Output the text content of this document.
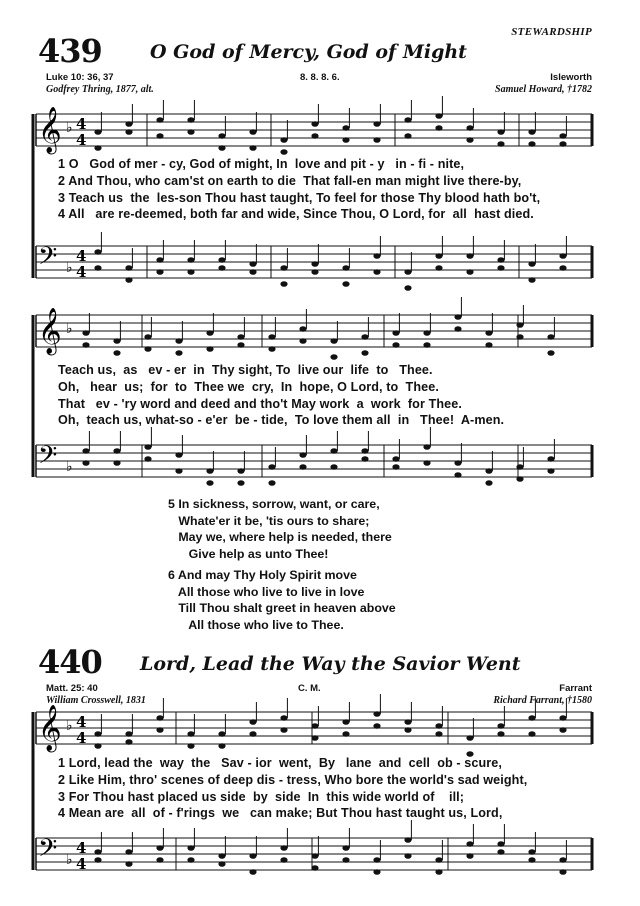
STEWARDSHIP
439	O God of Mercy, God of Might
Luke 10: 36, 37
Godfrey Thring, 1877, alt.
8. 8. 8. 6.	Isleworth
Samuel Howard, †1782
𝄞 ♭ 4
4
𝄢 ♭
4
4
𝄞 ♭
𝄢 ♭
𝄞 ♭ 4
4
𝄢 ♭
4
4
1 O   God of mer - cy, God of might, In  love and pit - y   in - fi - nite,
2 And Thou, who cam'st on earth to die  That fall-en man might live there-by,
3 Teach us  the  les-son Thou hast taught, To feel for those Thy blood hath bo't,
4 All   are re-deemed, both far and wide, Since Thou, O Lord, for  all  hast died.
Teach us,  as   ev - er  in  Thy sight, To  live our  life  to   Thee.
Oh,   hear  us;  for  to  Thee we  cry,  In  hope, O Lord, to  Thee.
That   ev - 'ry word and deed and tho't May work  a  work  for Thee.
Oh,  teach us, what-so - e'er  be - tide,  To love them all  in   Thee!  A-men.
5 In sickness, sorrow, want, or care,
Whate'er it be, 'tis ours to share;
May we, where help is needed, there
Give help as unto Thee!
6 And may Thy Holy Spirit move
All those who live to live in love
Till Thou shalt greet in heaven above
All those who live to Thee.
440 Lord, Lead the Way the Savior Went
Matt. 25: 40
William Crosswell, 1831
C. M.	Farrant
Richard Farrant, †1580
1 Lord, lead the  way  the   Sav - ior  went,  By   lane  and  cell  ob - scure,
2 Like Him, thro' scenes of deep dis - tress, Who bore the world's sad weight,
3 For Thou hast placed us side  by  side  In  this wide world of    ill;
4 Mean are  all  of - f'rings  we   can make; But Thou hast taught us, Lord,
